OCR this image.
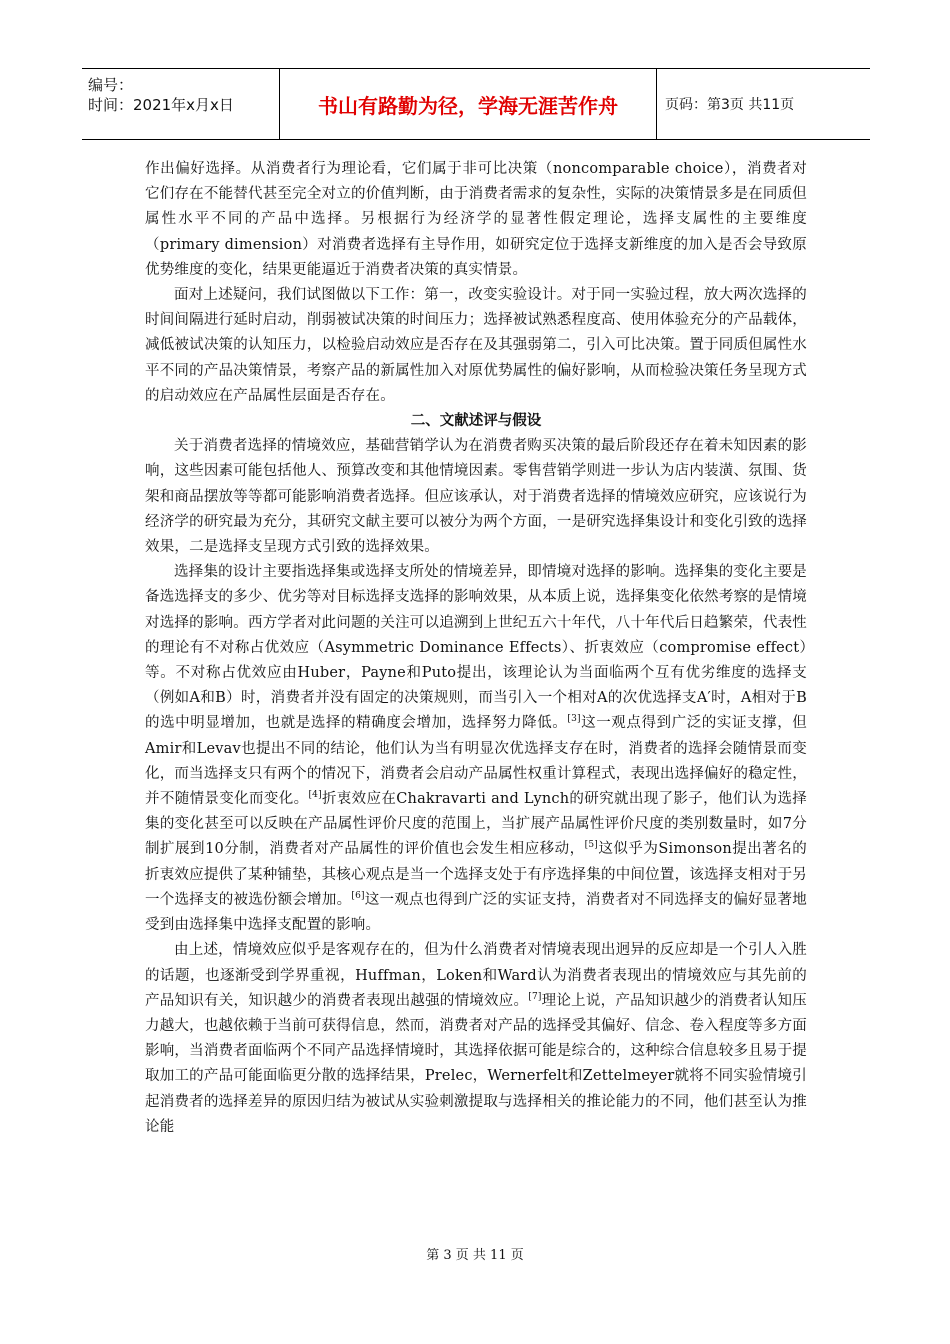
编号：
时间：2021年x月x日	书山有路勤为径，学海无涯苦作舟	页码：第3页 共11页

作出偏好选择。从消费者行为理论看，它们属于非可比决策（noncomparable choice），消费者对它们存在不能替代甚至完全对立的价值判断，由于消费者需求的复杂性，实际的决策情景多是在同质但属性水平不同的产品中选择。另根据行为经济学的显著性假定理论，选择支属性的主要维度（primary dimension）对消费者选择有主导作用，如研究定位于选择支新维度的加入是否会导致原优势维度的变化，结果更能逼近于消费者决策的真实情景。

面对上述疑问，我们试图做以下工作：第一，改变实验设计。对于同一实验过程，放大两次选择的时间间隔进行延时启动，削弱被试决策的时间压力；选择被试熟悉程度高、使用体验充分的产品载体，减低被试决策的认知压力，以检验启动效应是否存在及其强弱第二，引入可比决策。置于同质但属性水平不同的产品决策情景，考察产品的新属性加入对原优势属性的偏好影响，从而检验决策任务呈现方式的启动效应在产品属性层面是否存在。

二、文献述评与假设

关于消费者选择的情境效应，基础营销学认为在消费者购买决策的最后阶段还存在着未知因素的影响，这些因素可能包括他人、预算改变和其他情境因素。零售营销学则进一步认为店内装潢、氛围、货架和商品摆放等等都可能影响消费者选择。但应该承认，对于消费者选择的情境效应研究，应该说行为经济学的研究最为充分，其研究文献主要可以被分为两个方面，一是研究选择集设计和变化引致的选择效果，二是选择支呈现方式引致的选择效果。

选择集的设计主要指选择集或选择支所处的情境差异，即情境对选择的影响。选择集的变化主要是备选选择支的多少、优劣等对目标选择支选择的影响效果，从本质上说，选择集变化依然考察的是情境对选择的影响。西方学者对此问题的关注可以追溯到上世纪五六十年代，八十年代后日趋繁荣，代表性的理论有不对称占优效应（Asymmetric Dominance Effects）、折衷效应（compromise effect）等。不对称占优效应由Huber，Payne和Puto提出，该理论认为当面临两个互有优劣维度的选择支（例如A和B）时，消费者并没有固定的决策规则，而当引入一个相对A的次优选择支A′时，A相对于B的选中明显增加，也就是选择的精确度会增加，选择努力降低。[3]这一观点得到广泛的实证支撑，但Amir和Levav也提出不同的结论，他们认为当有明显次优选择支存在时，消费者的选择会随情景而变化，而当选择支只有两个的情况下，消费者会启动产品属性权重计算程式，表现出选择偏好的稳定性，并不随情景变化而变化。[4]折衷效应在Chakravarti and Lynch的研究就出现了影子，他们认为选择集的变化甚至可以反映在产品属性评价尺度的范围上，当扩展产品属性评价尺度的类别数量时，如7分制扩展到10分制，消费者对产品属性的评价值也会发生相应移动，[5]这似乎为Simonson提出著名的折衷效应提供了某种铺垫，其核心观点是当一个选择支处于有序选择集的中间位置，该选择支相对于另一个选择支的被选份额会增加。[6]这一观点也得到广泛的实证支持，消费者对不同选择支的偏好显著地受到由选择集中选择支配置的影响。

由上述，情境效应似乎是客观存在的，但为什么消费者对情境表现出迥异的反应却是一个引人入胜的话题，也逐渐受到学界重视，Huffman，Loken和Ward认为消费者表现出的情境效应与其先前的产品知识有关，知识越少的消费者表现出越强的情境效应。[7]理论上说，产品知识越少的消费者认知压力越大，也越依赖于当前可获得信息，然而，消费者对产品的选择受其偏好、信念、卷入程度等多方面影响，当消费者面临两个不同产品选择情境时，其选择依据可能是综合的，这种综合信息较多且易于提取加工的产品可能面临更分散的选择结果，Prelec，Wernerfelt和Zettelmeyer就将不同实验情境引起消费者的选择差异的原因归结为被试从实验刺激提取与选择相关的推论能力的不同，他们甚至认为推论能

第 3 页 共 11 页
